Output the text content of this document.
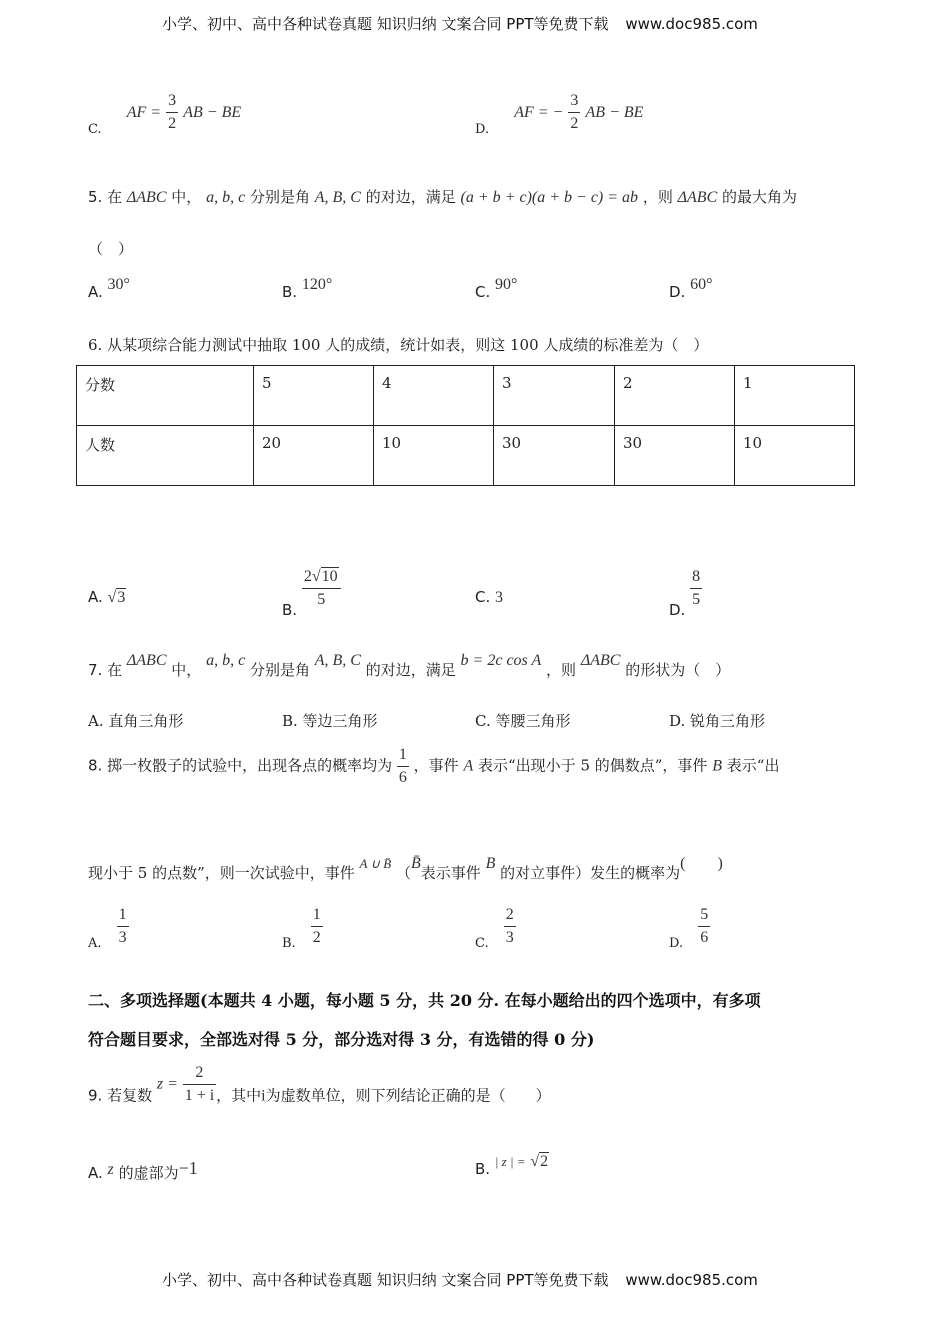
小学、初中、高中各种试卷真题 知识归纳 文案合同 PPT等免费下载 www.doc985.com
$_{C.}$ AF = $\frac{3}{2}$ AB − BE
$_{D.}$ AF = − $\frac{3}{2}$ AB − BE
5. 在 ΔABC 中， a, b, c 分别是角 A, B, C 的对边，满足 (a + b + c)(a + b − c) = ab ，则 ΔABC 的最大角为
（　）
A. 30°	B. 120°	C. 90°	D. 60°
6. 从某项综合能力测试中抽取 100 人的成绩，统计如表，则这 100 人成绩的标准差为（　）
分数	5	4	3	2	1
人数	20	10	30	30	10
A. √3
B. $\frac{2√10}{5}$	C. 3
D. $\frac{8}{5}$
7. 在 ΔABC 中， a, b, c 分别是角 A, B, C 的对边，满足 b = 2c cos A ，则 ΔABC 的形状为（　）
A. 直角三角形	B. 等边三角形	C. 等腰三角形	D. 锐角三角形
8. 掷一枚骰子的试验中，出现各点的概率均为 $\frac{1}{6}$ ，事件 A 表示“出现小于 5 的偶数点”，事件 B 表示“出
现小于 5 的点数”，则一次试验中，事件 A ∪ B̄ （B̄表示事件 B 的对立事件）发生的概率为(　　)
$_{A.} \frac{1}{3}$	$_{B.} \frac{1}{2}$	$_{C.} \frac{2}{3}$	$_{D.} \frac{5}{6}$
二、多项选择题(本题共 4 小题，每小题 5 分，共 20 分. 在每小题给出的四个选项中，有多项
符合题目要求，全部选对得 5 分，部分选对得 3 分，有选错的得 0 分)
9. 若复数 $z = \frac{2}{1 + i}$ ，其中i为虚数单位，则下列结论正确的是（　　）
A. z 的虚部为−1	B. | z | = √2
小学、初中、高中各种试卷真题 知识归纳 文案合同 PPT等免费下载 www.doc985.com
